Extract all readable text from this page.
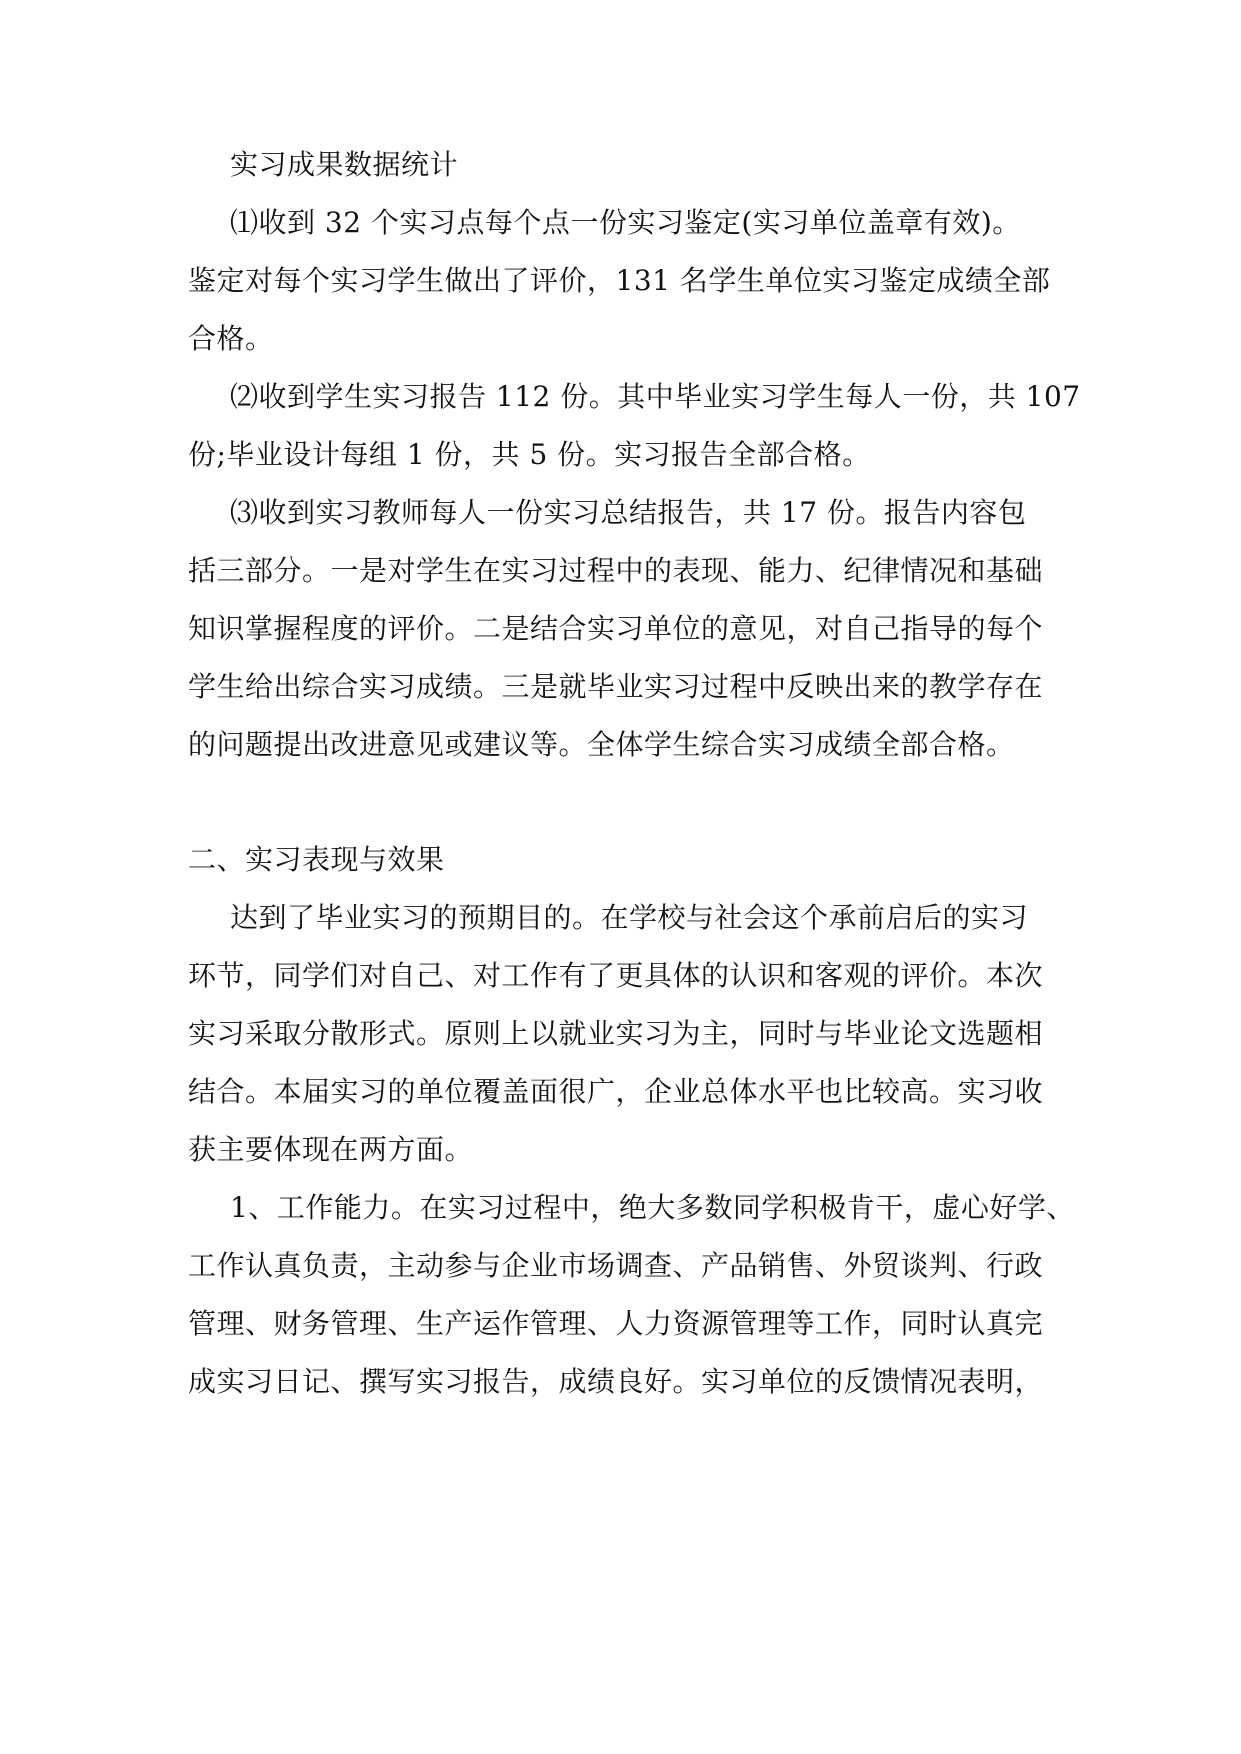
实习成果数据统计
⑴收到 32 个实习点每个点一份实习鉴定(实习单位盖章有效)。
鉴定对每个实习学生做出了评价，131 名学生单位实习鉴定成绩全部
合格。
⑵收到学生实习报告 112 份。其中毕业实习学生每人一份，共 107
份;毕业设计每组 1 份，共 5 份。实习报告全部合格。
⑶收到实习教师每人一份实习总结报告，共 17 份。报告内容包
括三部分。一是对学生在实习过程中的表现、能力、纪律情况和基础
知识掌握程度的评价。二是结合实习单位的意见，对自己指导的每个
学生给出综合实习成绩。三是就毕业实习过程中反映出来的教学存在
的问题提出改进意见或建议等。全体学生综合实习成绩全部合格。
二、实习表现与效果
达到了毕业实习的预期目的。在学校与社会这个承前启后的实习
环节，同学们对自己、对工作有了更具体的认识和客观的评价。本次
实习采取分散形式。原则上以就业实习为主，同时与毕业论文选题相
结合。本届实习的单位覆盖面很广，企业总体水平也比较高。实习收
获主要体现在两方面。
1、工作能力。在实习过程中，绝大多数同学积极肯干，虚心好学、
工作认真负责，主动参与企业市场调查、产品销售、外贸谈判、行政
管理、财务管理、生产运作管理、人力资源管理等工作，同时认真完
成实习日记、撰写实习报告，成绩良好。实习单位的反馈情况表明，
